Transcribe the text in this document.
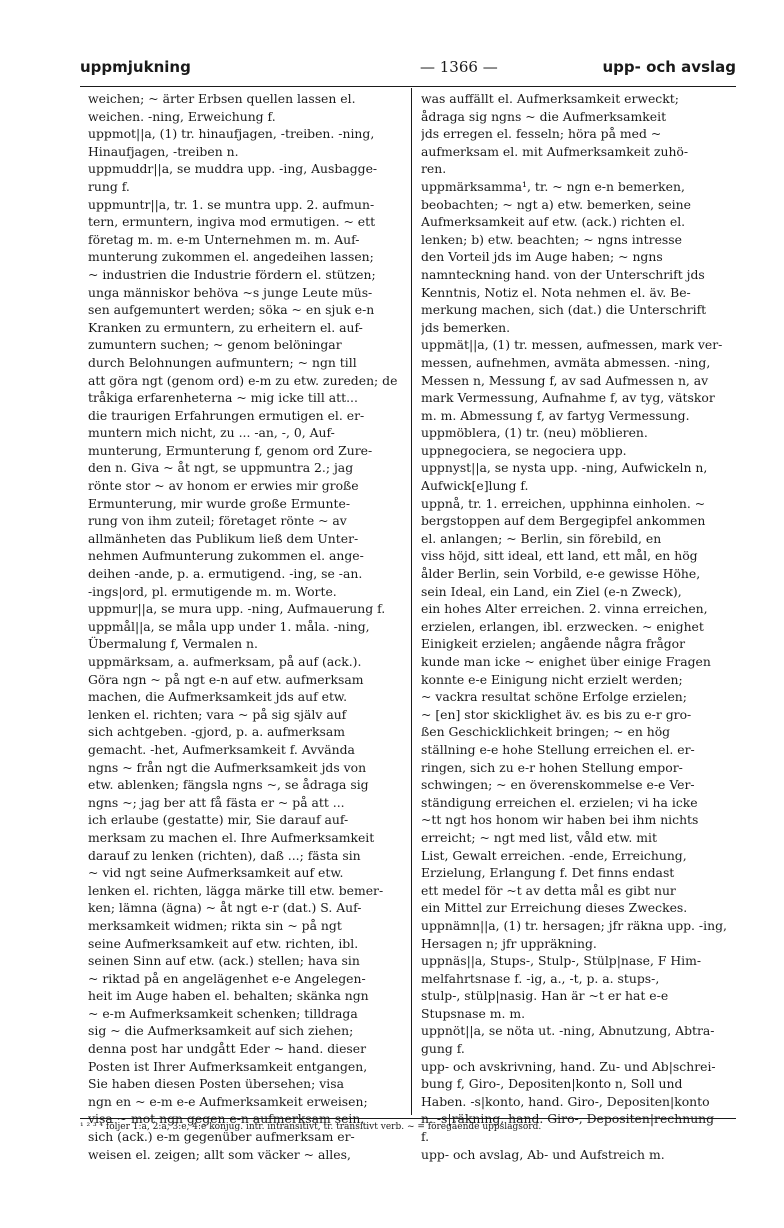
uppmjukning	— 1366 —	upp- och avslag
weichen; ~ ärter Erbsen quellen lassen el.
weichen. -ning, Erweichung f.
uppmot||a, (1) tr. hinaufjagen, -treiben. -ning,
Hinaufjagen, -treiben n.
uppmuddr||a, se muddra upp. -ing, Ausbagge-
rung f.
uppmuntr||a, tr. 1. se muntra upp. 2. aufmun-
tern, ermuntern, ingiva mod ermutigen. ~ ett
företag m. m. e-m Unternehmen m. m. Auf-
munterung zukommen el. angedeihen lassen;
~ industrien die Industrie fördern el. stützen;
unga människor behöva ~s junge Leute müs-
sen aufgemuntert werden; söka ~ en sjuk e-n
Kranken zu ermuntern, zu erheitern el. auf-
zumuntern suchen; ~ genom belöningar
durch Belohnungen aufmuntern; ~ ngn till
att göra ngt (genom ord) e-m zu etw. zureden; de
tråkiga erfarenheterna ~ mig icke till att...
die traurigen Erfahrungen ermutigen el. er-
muntern mich nicht, zu ... -an, -, 0, Auf-
munterung, Ermunterung f, genom ord Zure-
den n. Giva ~ åt ngt, se uppmuntra 2.; jag
rönte stor ~ av honom er erwies mir große
Ermunterung, mir wurde große Ermunte-
rung von ihm zuteil; företaget rönte ~ av
allmänheten das Publikum ließ dem Unter-
nehmen Aufmunterung zukommen el. ange-
deihen -ande, p. a. ermutigend. -ing, se -an.
-ings|ord, pl. ermutigende m. m. Worte.
uppmur||a, se mura upp. -ning, Aufmauerung f.
uppmål||a, se måla upp under 1. måla. -ning,
Übermalung f, Vermalen n.
uppmärksam, a. aufmerksam, på auf (ack.).
Göra ngn ~ på ngt e-n auf etw. aufmerksam
machen, die Aufmerksamkeit jds auf etw.
lenken el. richten; vara ~ på sig själv auf
sich achtgeben. -gjord, p. a. aufmerksam
gemacht. -het, Aufmerksamkeit f. Avvända
ngns ~ från ngt die Aufmerksamkeit jds von
etw. ablenken; fängsla ngns ~, se ådraga sig
ngns ~; jag ber att få fästa er ~ på att ...
ich erlaube (gestatte) mir, Sie darauf auf-
merksam zu machen el. Ihre Aufmerksamkeit
darauf zu lenken (richten), daß ...; fästa sin
~ vid ngt seine Aufmerksamkeit auf etw.
lenken el. richten, lägga märke till etw. bemer-
ken; lämna (ägna) ~ åt ngt e-r (dat.) S. Auf-
merksamkeit widmen; rikta sin ~ på ngt
seine Aufmerksamkeit auf etw. richten, ibl.
seinen Sinn auf etw. (ack.) stellen; hava sin
~ riktad på en angelägenhet e-e Angelegen-
heit im Auge haben el. behalten; skänka ngn
~ e-m Aufmerksamkeit schenken; tilldraga
sig ~ die Aufmerksamkeit auf sich ziehen;
denna post har undgått Eder ~ hand. dieser
Posten ist Ihrer Aufmerksamkeit entgangen,
Sie haben diesen Posten übersehen; visa
ngn en ~ e-m e-e Aufmerksamkeit erweisen;
visa ~ mot ngn gegen e-n aufmerksam sein,
sich (ack.) e-m gegenüber aufmerksam er-
weisen el. zeigen; allt som väcker ~ alles,
was auffällt el. Aufmerksamkeit erweckt;
ådraga sig ngns ~ die Aufmerksamkeit
jds erregen el. fesseln; höra på med ~
aufmerksam el. mit Aufmerksamkeit zuhö-
ren.
uppmärksamma¹, tr. ~ ngn e-n bemerken,
beobachten; ~ ngt a) etw. bemerken, seine
Aufmerksamkeit auf etw. (ack.) richten el.
lenken; b) etw. beachten; ~ ngns intresse
den Vorteil jds im Auge haben; ~ ngns
namnteckning hand. von der Unterschrift jds
Kenntnis, Notiz el. Nota nehmen el. äv. Be-
merkung machen, sich (dat.) die Unterschrift
jds bemerken.
uppmät||a, (1) tr. messen, aufmessen, mark ver-
messen, aufnehmen, avmäta abmessen. -ning,
Messen n, Messung f, av sad Aufmessen n, av
mark Vermessung, Aufnahme f, av tyg, vätskor
m. m. Abmessung f, av fartyg Vermessung.
uppmöblera, (1) tr. (neu) möblieren.
uppnegociera, se negociera upp.
uppnyst||a, se nysta upp. -ning, Aufwickeln n,
Aufwick[e]lung f.
uppnå, tr. 1. erreichen, upphinna einholen. ~
bergstoppen auf dem Bergegipfel ankommen
el. anlangen; ~ Berlin, sin förebild, en
viss höjd, sitt ideal, ett land, ett mål, en hög
ålder Berlin, sein Vorbild, e-e gewisse Höhe,
sein Ideal, ein Land, ein Ziel (e-n Zweck),
ein hohes Alter erreichen. 2. vinna erreichen,
erzielen, erlangen, ibl. erzwecken. ~ enighet
Einigkeit erzielen; angående några frågor
kunde man icke ~ enighet über einige Fragen
konnte e-e Einigung nicht erzielt werden;
~ vackra resultat schöne Erfolge erzielen;
~ [en] stor skicklighet äv. es bis zu e-r gro-
ßen Geschicklichkeit bringen; ~ en hög
ställning e-e hohe Stellung erreichen el. er-
ringen, sich zu e-r hohen Stellung empor-
schwingen; ~ en överenskommelse e-e Ver-
ständigung erreichen el. erzielen; vi ha icke
~tt ngt hos honom wir haben bei ihm nichts
erreicht; ~ ngt med list, våld etw. mit
List, Gewalt erreichen. -ende, Erreichung,
Erzielung, Erlangung f. Det finns endast
ett medel för ~t av detta mål es gibt nur
ein Mittel zur Erreichung dieses Zweckes.
uppnämn||a, (1) tr. hersagen; jfr räkna upp. -ing,
Hersagen n; jfr uppräkning.
uppnäs||a, Stups-, Stulp-, Stülp|nase, F Him-
melfahrtsnase f. -ig, a., -t, p. a. stups-,
stulp-, stülp|nasig. Han är ~t er hat e-e
Stupsnase m. m.
uppnöt||a, se nöta ut. -ning, Abnutzung, Abtra-
gung f.
upp- och avskrivning, hand. Zu- und Ab|schrei-
bung f, Giro-, Depositen|konto n, Soll und
Haben. -s|konto, hand. Giro-, Depositen|konto
n. -s|räkning, hand. Giro-, Depositen|rechnung
f.
upp- och avslag, Ab- und Aufstreich m.
¹ ² ³ ⁴ följer 1:a, 2:a, 3:e, 4:e konjug. intr. intransitivt, tr. transitivt verb. ~ = föregående uppslagsord.
